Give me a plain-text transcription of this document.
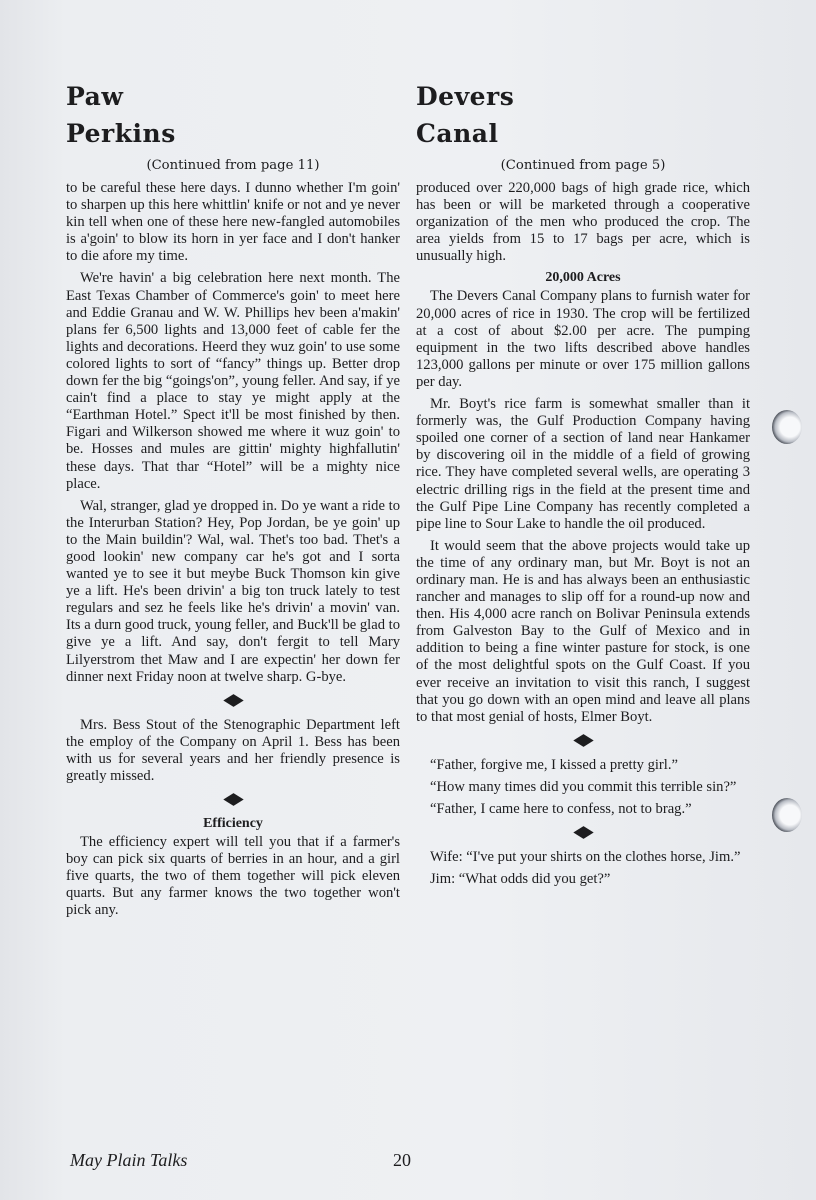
Paw
Perkins
(Continued from page 11)

to be careful these here days. I dunno whether I'm goin' to sharpen up this here whittlin' knife or not and ye never kin tell when one of these here new-fangled automobiles is a'goin' to blow its horn in yer face and I don't hanker to die afore my time.

We're havin' a big celebration here next month. The East Texas Chamber of Commerce's goin' to meet here and Eddie Granau and W. W. Phillips hev been a'makin' plans fer 6,500 lights and 13,000 feet of cable fer the lights and decorations. Heerd they wuz goin' to use some colored lights to sort of “fancy” things up. Better drop down fer the big “goings'on”, young feller. And say, if ye cain't find a place to stay ye might apply at the “Earthman Hotel.” Spect it'll be most finished by then. Figari and Wilkerson showed me where it wuz goin' to be. Hosses and mules are gittin' mighty highfallutin' these days. That thar “Hotel” will be a mighty nice place.

Wal, stranger, glad ye dropped in. Do ye want a ride to the Interurban Station? Hey, Pop Jordan, be ye goin' up to the Main buildin'? Wal, wal. Thet's too bad. Thet's a good lookin' new company car he's got and I sorta wanted ye to see it but meybe Buck Thomson kin give ye a lift. He's been drivin' a big ton truck lately to test regulars and sez he feels like he's drivin' a movin' van. Its a durn good truck, young feller, and Buck'll be glad to give ye a lift. And say, don't fergit to tell Mary Lilyerstrom thet Maw and I are expectin' her down fer dinner next Friday noon at twelve sharp. G-bye.

Mrs. Bess Stout of the Stenographic Department left the employ of the Company on April 1. Bess has been with us for several years and her friendly presence is greatly missed.

Efficiency

The efficiency expert will tell you that if a farmer's boy can pick six quarts of berries in an hour, and a girl five quarts, the two of them together will pick eleven quarts. But any farmer knows the two together won't pick any.

Devers
Canal
(Continued from page 5)

produced over 220,000 bags of high grade rice, which has been or will be marketed through a cooperative organization of the men who produced the crop. The area yields from 15 to 17 bags per acre, which is unusually high.

20,000 Acres

The Devers Canal Company plans to furnish water for 20,000 acres of rice in 1930. The crop will be fertilized at a cost of about $2.00 per acre. The pumping equipment in the two lifts described above handles 123,000 gallons per minute or over 175 million gallons per day.

Mr. Boyt's rice farm is somewhat smaller than it formerly was, the Gulf Production Company having spoiled one corner of a section of land near Hankamer by discovering oil in the middle of a field of growing rice. They have completed several wells, are operating 3 electric drilling rigs in the field at the present time and the Gulf Pipe Line Company has recently completed a pipe line to Sour Lake to handle the oil produced.

It would seem that the above projects would take up the time of any ordinary man, but Mr. Boyt is not an ordinary man. He is and has always been an enthusiastic rancher and manages to slip off for a round-up now and then. His 4,000 acre ranch on Bolivar Peninsula extends from Galveston Bay to the Gulf of Mexico and in addition to being a fine winter pasture for stock, is one of the most delightful spots on the Gulf Coast. If you ever receive an invitation to visit this ranch, I suggest that you go down with an open mind and leave all plans to that most genial of hosts, Elmer Boyt.

“Father, forgive me, I kissed a pretty girl.”

“How many times did you commit this terrible sin?”

“Father, I came here to confess, not to brag.”

Wife: “I've put your shirts on the clothes horse, Jim.”

Jim: “What odds did you get?”

May Plain Talks	20
